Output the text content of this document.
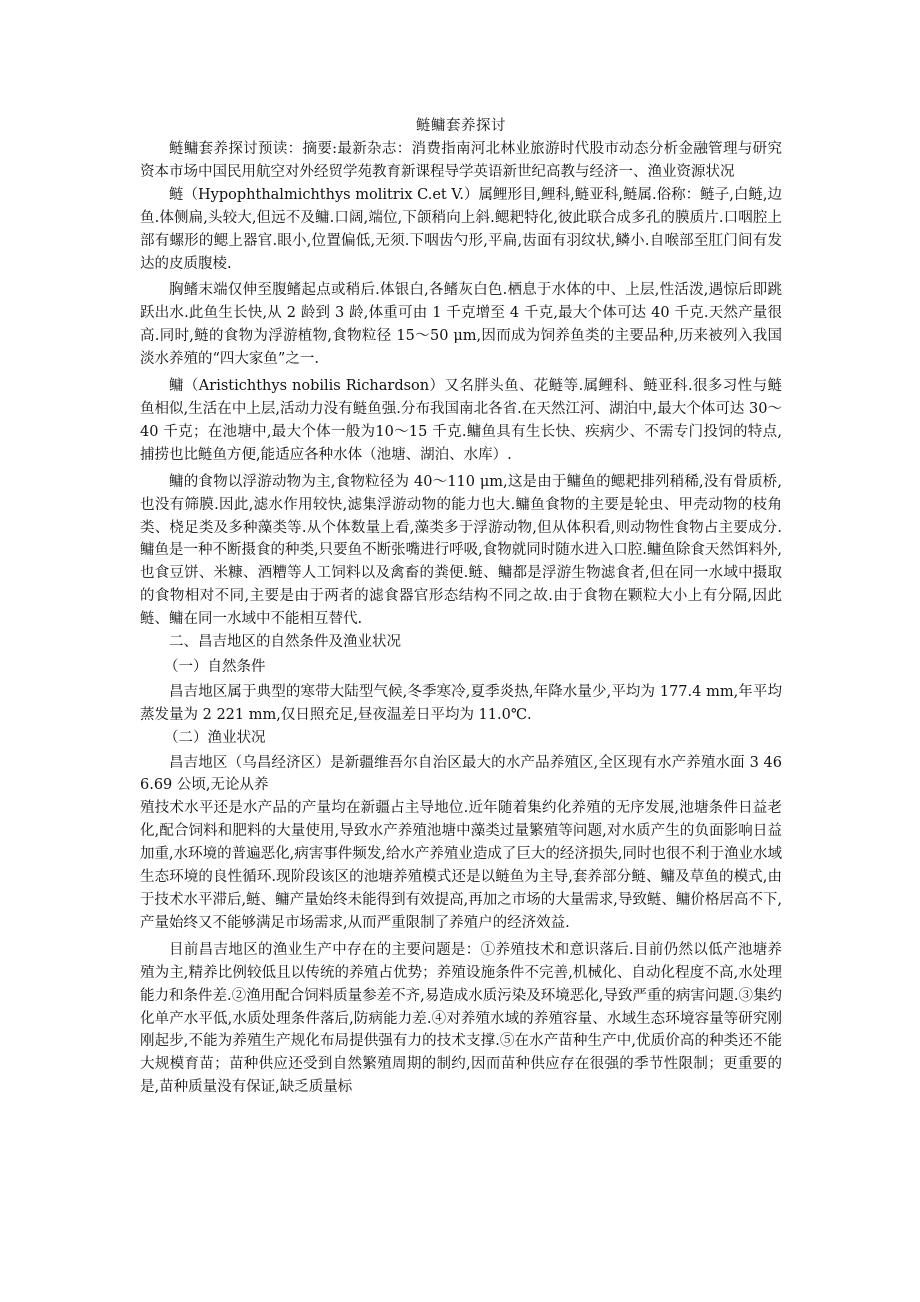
鲢鳙套养探讨

鲢鳙套养探讨预读：摘要:最新杂志：消费指南河北林业旅游时代股市动态分析金融管理与研究资本市场中国民用航空对外经贸学苑教育新课程导学英语新世纪高教与经济一、渔业资源状况

鲢（Hypophthalmichthys molitrix C.et V.）属鲤形目,鲤科,鲢亚科,鲢属.俗称：鲢子,白鲢,边鱼.体侧扁,头较大,但远不及鳙.口阔,端位,下颌稍向上斜.鳃耙特化,彼此联合成多孔的膜质片.口咽腔上部有螺形的鳃上器官.眼小,位置偏低,无须.下咽齿勺形,平扁,齿面有羽纹状,鳞小.自喉部至肛门间有发达的皮质腹棱.

胸鳍末端仅伸至腹鳍起点或稍后.体银白,各鳍灰白色.栖息于水体的中、上层,性活泼,遇惊后即跳跃出水.此鱼生长快,从 2 龄到 3 龄,体重可由 1 千克增至 4 千克,最大个体可达 40 千克.天然产量很高.同时,鲢的食物为浮游植物,食物粒径 15～50 μm,因而成为饲养鱼类的主要品种,历来被列入我国淡水养殖的“四大家鱼”之一.

鳙（Aristichthys nobilis Richardson）又名胖头鱼、花鲢等.属鲤科、鲢亚科.很多习性与鲢鱼相似,生活在中上层,活动力没有鲢鱼强.分布我国南北各省.在天然江河、湖泊中,最大个体可达 30～40 千克；在池塘中,最大个体一般为10～15 千克.鳙鱼具有生长快、疾病少、不需专门投饲的特点,捕捞也比鲢鱼方便,能适应各种水体（池塘、湖泊、水库）.

鳙的食物以浮游动物为主,食物粒径为 40～110 μm,这是由于鳙鱼的鳃耙排列稍稀,没有骨质桥,也没有筛膜.因此,滤水作用较快,滤集浮游动物的能力也大.鳙鱼食物的主要是轮虫、甲壳动物的枝角类、桡足类及多种藻类等.从个体数量上看,藻类多于浮游动物,但从体积看,则动物性食物占主要成分.鳙鱼是一种不断摄食的种类,只要鱼不断张嘴进行呼吸,食物就同时随水进入口腔.鳙鱼除食天然饵料外,也食豆饼、米糠、酒糟等人工饲料以及禽畜的粪便.鲢、鳙都是浮游生物滤食者,但在同一水域中摄取的食物相对不同,主要是由于两者的滤食器官形态结构不同之故.由于食物在颗粒大小上有分隔,因此鲢、鳙在同一水域中不能相互替代.

二、昌吉地区的自然条件及渔业状况
（一）自然条件

昌吉地区属于典型的寒带大陆型气候,冬季寒冷,夏季炎热,年降水量少,平均为 177.4 mm,年平均蒸发量为 2 221 mm,仅日照充足,昼夜温差日平均为 11.0℃.

（二）渔业状况

昌吉地区（乌昌经济区）是新疆维吾尔自治区最大的水产品养殖区,全区现有水产养殖水面 3 466.69 公顷,无论从养

殖技术水平还是水产品的产量均在新疆占主导地位.近年随着集约化养殖的无序发展,池塘条件日益老化,配合饲料和肥料的大量使用,导致水产养殖池塘中藻类过量繁殖等问题,对水质产生的负面影响日益加重,水环境的普遍恶化,病害事件频发,给水产养殖业造成了巨大的经济损失,同时也很不利于渔业水域生态环境的良性循环.现阶段该区的池塘养殖模式还是以鲢鱼为主导,套养部分鲢、鳙及草鱼的模式,由于技术水平滞后,鲢、鳙产量始终未能得到有效提高,再加之市场的大量需求,导致鲢、鳙价格居高不下,产量始终又不能够满足市场需求,从而严重限制了养殖户的经济效益.

目前昌吉地区的渔业生产中存在的主要问题是：①养殖技术和意识落后.目前仍然以低产池塘养殖为主,精养比例较低且以传统的养殖占优势；养殖设施条件不完善,机械化、自动化程度不高,水处理能力和条件差.②渔用配合饲料质量参差不齐,易造成水质污染及环境恶化,导致严重的病害问题.③集约化单产水平低,水质处理条件落后,防病能力差.④对养殖水域的养殖容量、水域生态环境容量等研究刚刚起步,不能为养殖生产规化布局提供强有力的技术支撑.⑤在水产苗种生产中,优质价高的种类还不能大规模育苗；苗种供应还受到自然繁殖周期的制约,因而苗种供应存在很强的季节性限制；更重要的是,苗种质量没有保证,缺乏质量标
